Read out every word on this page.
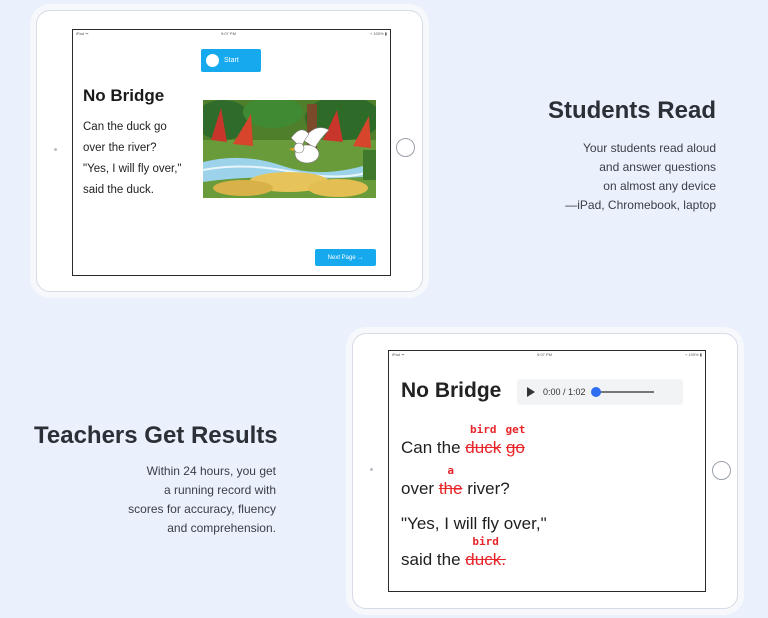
iPad ᯤ	9:07 PM	⌁ 100% ▮
Start
No Bridge
Can the duck go
over the river?
"Yes, I will fly over,"
said the duck.
Next Page →
Students Read
Your students read aloud
and answer questions
on almost any device
—iPad, Chromebook, laptop
Teachers Get Results
Within 24 hours, you get
a running record with
scores for accuracy, fluency
and comprehension.
iPad ᯤ	9:07 PM	⌁ 100% ▮
No Bridge	0:00 / 1:02
Can the
bird
duck
get
go
over
a
the river?
"Yes, I will fly over,"
said the
bird
duck.
